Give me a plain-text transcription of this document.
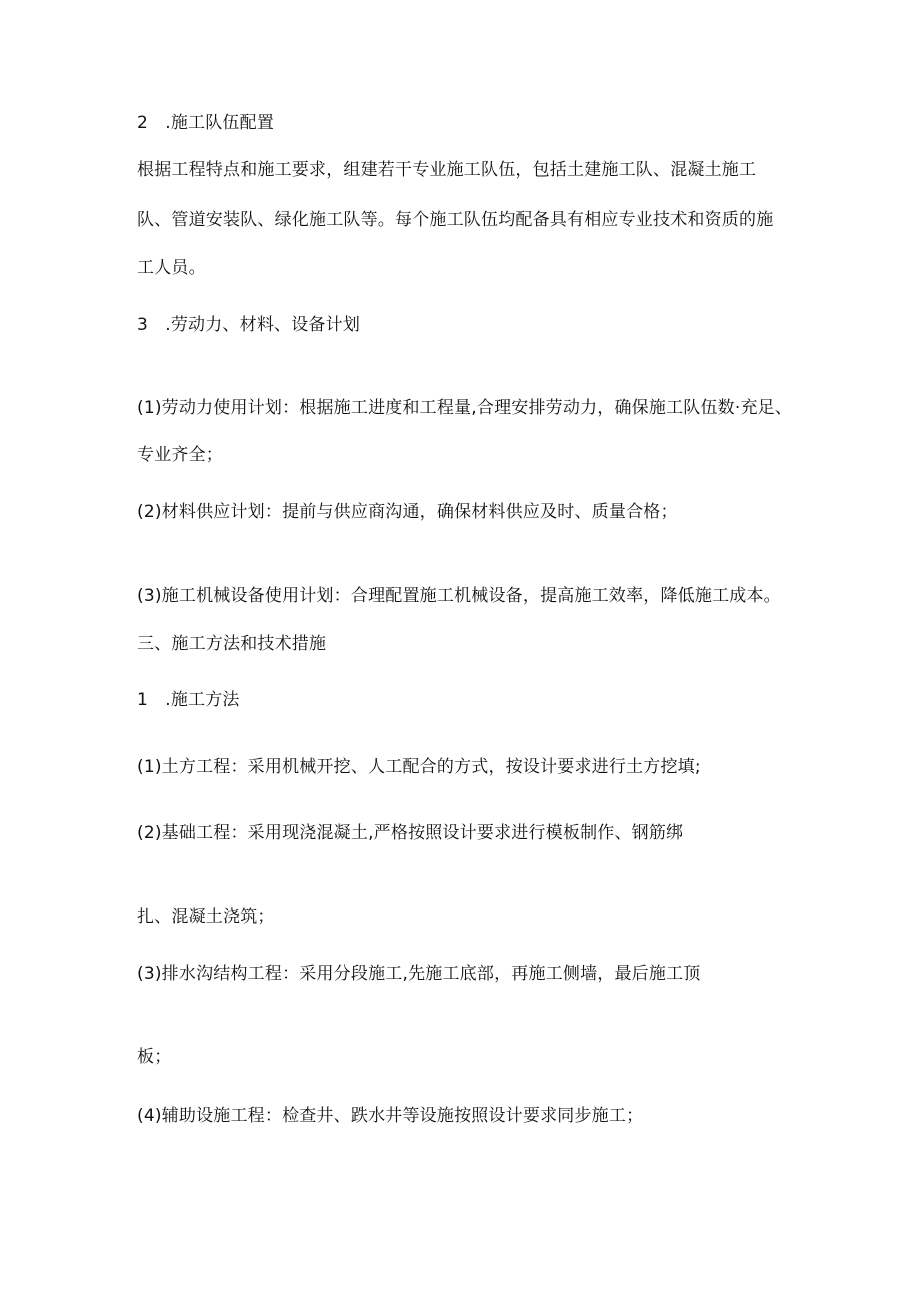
2　.施工队伍配置
根据工程特点和施工要求，组建若干专业施工队伍，包括土建施工队、混凝土施工
队、管道安装队、绿化施工队等。每个施工队伍均配备具有相应专业技术和资质的施
工人员。
3　.劳动力、材料、设备计划
(1)劳动力使用计划：根据施工进度和工程量,合理安排劳动力，确保施工队伍数·充足、
专业齐全；
(2)材料供应计划：提前与供应商沟通，确保材料供应及时、质量合格；
(3)施工机械设备使用计划：合理配置施工机械设备，提高施工效率，降低施工成本。
三、施工方法和技术措施
1　.施工方法
(1)土方工程：采用机械开挖、人工配合的方式，按设计要求进行土方挖填;
(2)基础工程：采用现浇混凝土,严格按照设计要求进行模板制作、钢筋绑
扎、混凝土浇筑；
(3)排水沟结构工程：采用分段施工,先施工底部，再施工侧墙，最后施工顶
板；
(4)辅助设施工程：检查井、跌水井等设施按照设计要求同步施工；
